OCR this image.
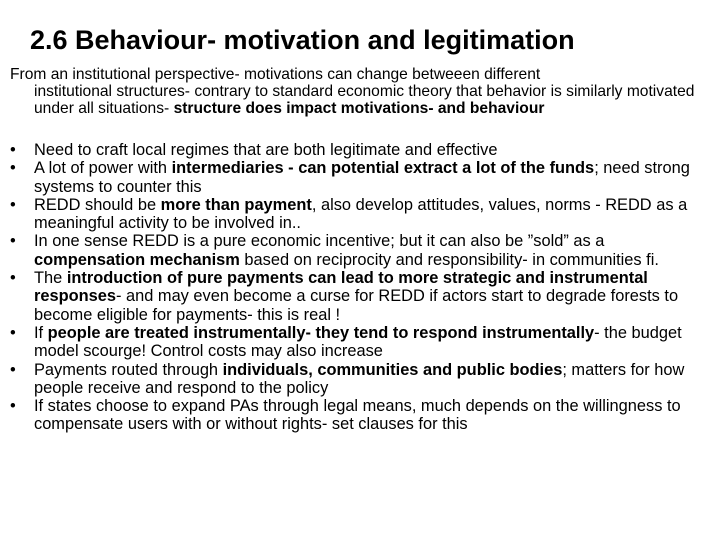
2.6 Behaviour- motivation and legitimation
From an institutional perspective- motivations can change betweeen different
institutional structures- contrary to standard economic theory that behavior is similarly motivated under all situations- structure does impact motivations- and behaviour
• Need to craft local regimes that are both legitimate and effective
• A lot of power with intermediaries - can potential extract a lot of the funds; need strong systems to counter this
• REDD should be more than payment, also develop attitudes, values, norms - REDD as a meaningful activity to be involved in..
• In one sense REDD is a pure economic incentive; but it can also be ”sold” as a compensation mechanism based on reciprocity and responsibility- in communities fi.
• The introduction of pure payments can lead to more strategic and instrumental responses- and may even become a curse for REDD if actors start to degrade forests to become eligible for payments- this is real !
• If people are treated instrumentally- they tend to respond instrumentally- the budget model scourge! Control costs may also increase
• Payments routed through individuals, communities and public bodies; matters for how people receive and respond to the policy
• If states choose to expand PAs through legal means, much depends on the willingness to compensate users with or without rights- set clauses for this
